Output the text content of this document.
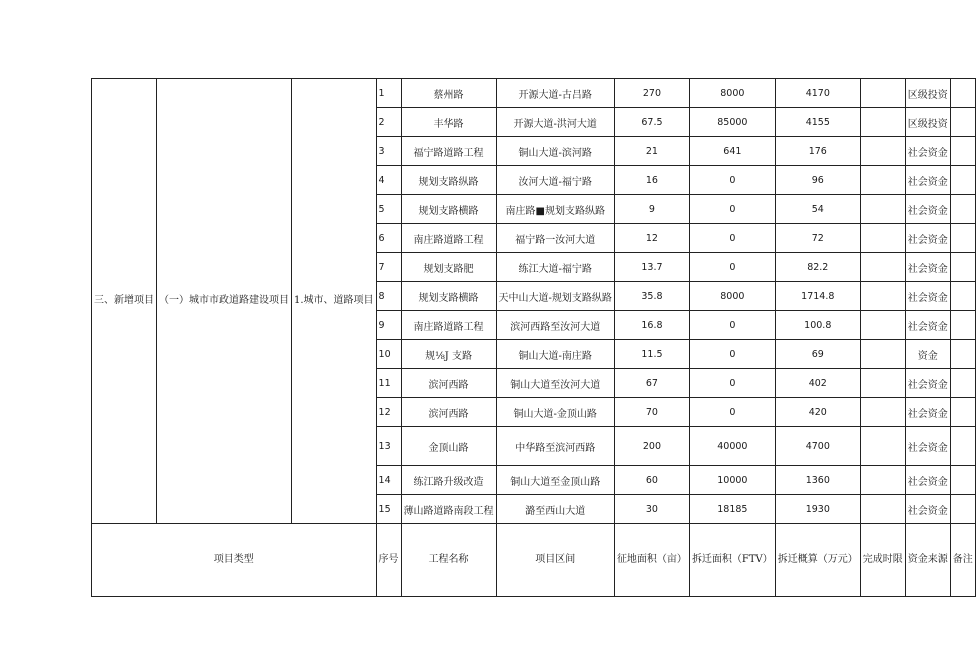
三、新增项目	（一）城市市政道路建设项目	1.城市、道路项目	1	蔡州路	开源大道-古吕路	270	8000	4170		区级投资	
			2	丰华路	开源大道-洪河大道	67.5	85000	4155		区级投资	
			3	福宁路道路工程	铜山大道-滨河路	21	641	176		社会资金	
			4	规划支路纵路	汝河大道-福宁路	16	0	96		社会资金	
			5	规划支路横路	南庄路■规划支路纵路	9	0	54		社会资金	
			6	南庄路道路工程	福宁路一汝河大道	12	0	72		社会资金	
			7	规划支路肥	练江大道-福宁路	13.7	0	82.2		社会资金	
			8	规划支路横路	天中山大道-规划支路纵路	35.8	8000	1714.8		社会资金	
			9	南庄路道路工程	滨河西路至汝河大道	16.8	0	100.8		社会资金	
			10	规⅛J 支路	铜山大道-南庄路	11.5	0	69		资金	
			11	滨河西路	铜山大道至汝河大道	67	0	402		社会资金	
			12	滨河西路	铜山大道-金顶山路	70	0	420		社会资金	
			13	金顶山路	中华路至滨河西路	200	40000	4700		社会资金	
			14	练江路升级改造	铜山大道至金顶山路	60	10000	1360		社会资金	
			15	薄山路道路南段工程	潞至西山大道	30	18185	1930		社会资金	
项目类型			序号	工程名称	项目区间	征地面积（亩）	拆迁面积（FTV）	拆迁概算（万元）	完成时限	资金来源	备注
